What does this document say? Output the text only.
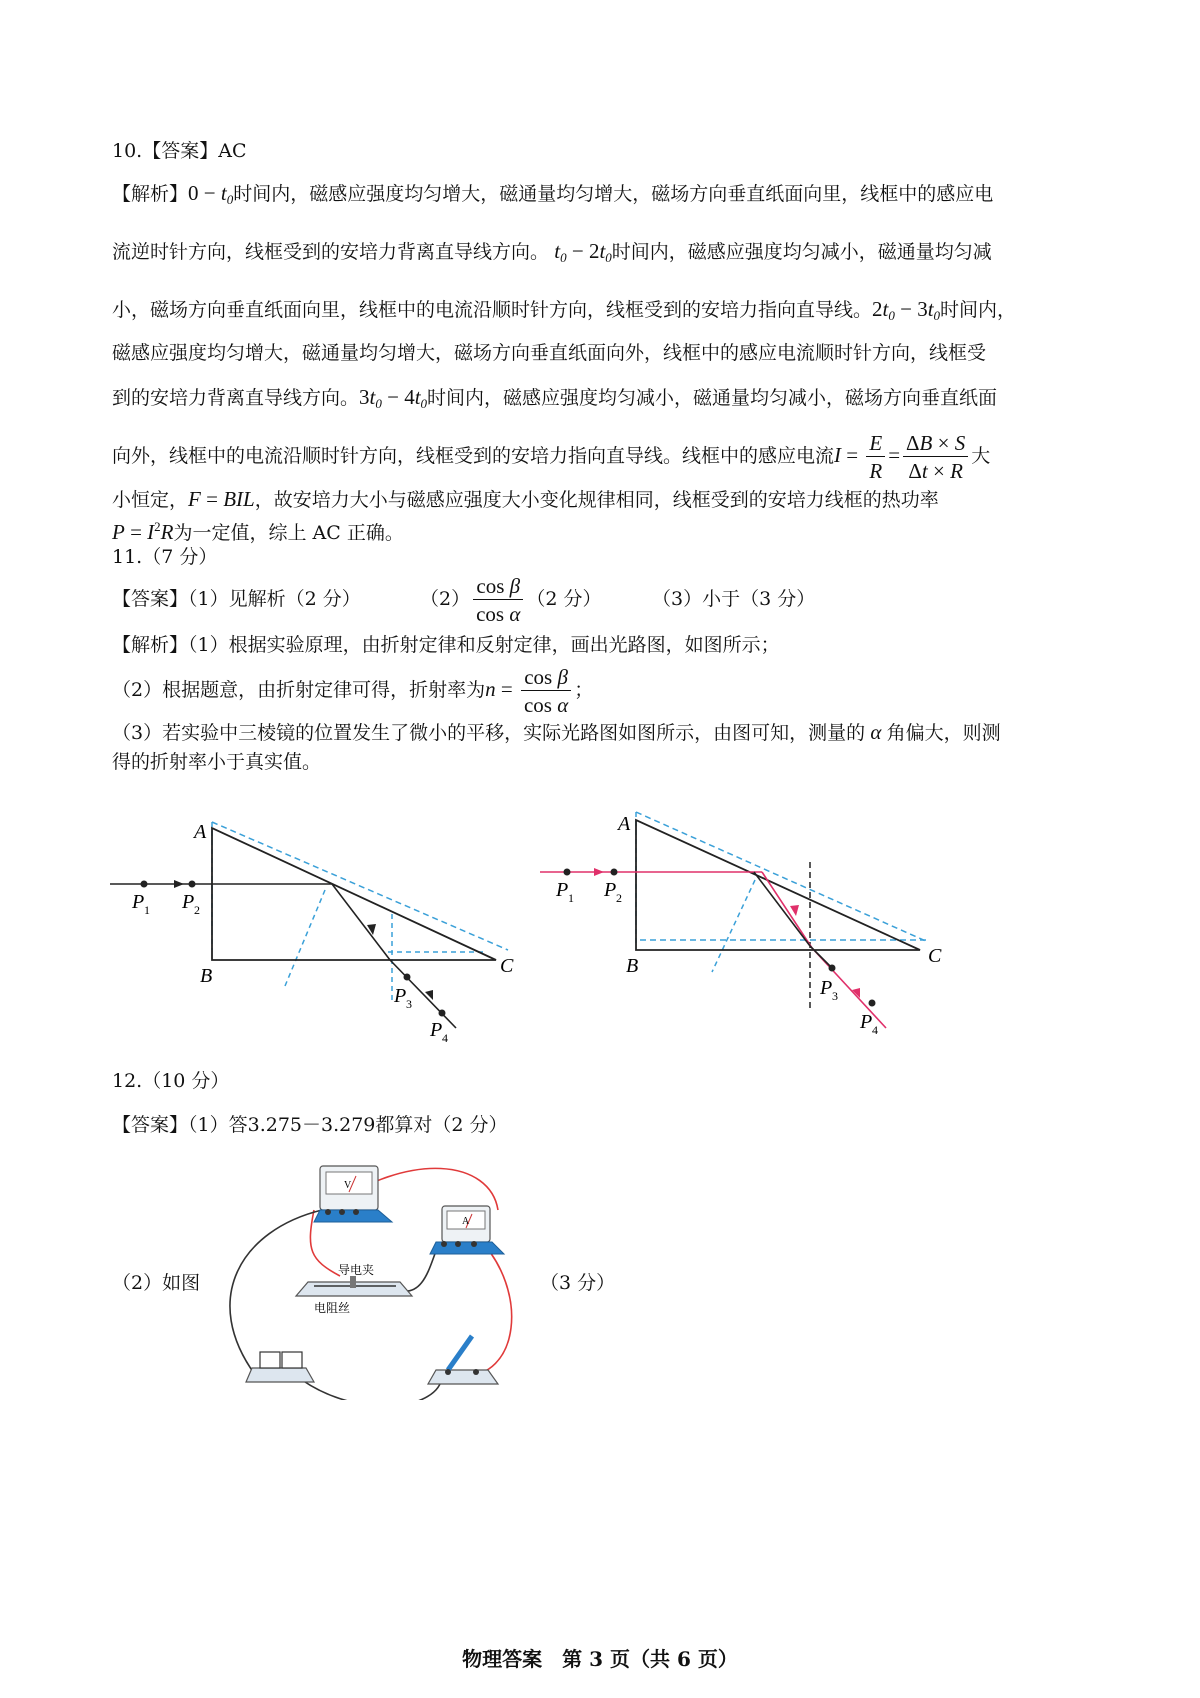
10.【答案】AC
【解析】$0 - t_0$时间内，磁感应强度均匀增大，磁通量均匀增大，磁场方向垂直纸面向里，线框中的感应电
流逆时针方向，线框受到的安培力背离直导线方向。 $t_0 - 2t_0$时间内，磁感应强度均匀减小，磁通量均匀减
小，磁场方向垂直纸面向里，线框中的电流沿顺时针方向，线框受到的安培力指向直导线。$2t_0 - 3t_0$时间内，
磁感应强度均匀增大，磁通量均匀增大，磁场方向垂直纸面向外，线框中的感应电流顺时针方向，线框受
到的安培力背离直导线方向。$3t_0 - 4t_0$时间内，磁感应强度均匀减小，磁通量均匀减小，磁场方向垂直纸面
向外，线框中的电流沿顺时针方向，线框受到的安培力指向直导线。线框中的感应电流$I = \frac{E}{R} = \frac{\Delta B \times S}{\Delta t \times R}$ 大
小恒定，F = BIL，故安培力大小与磁感应强度大小变化规律相同，线框受到的安培力线框的热功率
$P = I^2R$为一定值，综上 AC 正确。
11.（7 分）
【答案】（1）见解析（2 分）	$(2) \frac{\text{cos β}}{\text{cos α}} (2$ 分）	（3）小于（3 分）
【解析】（1）根据实验原理，由折射定律和反射定律，画出光路图，如图所示；
（2）根据题意，由折射定律可得，折射率为$n = \frac{\text{cos β}}{\text{cos α}}$ ；
（3）若实验中三棱镜的位置发生了微小的平移，实际光路图如图所示，由图可知，测量的 α 角偏大，则测
得的折射率小于真实值。
A
B	C
P 1 P 2
P 3
P 4
A
B	C
P 1 P 2
P 3
P 4
12.（10 分）
【答案】（1）答3.275－3.279都算对（2 分）
（2）如图	（3 分）
V
A
导电夹
电阻丝
物理答案　第 3 页（共 6 页）
